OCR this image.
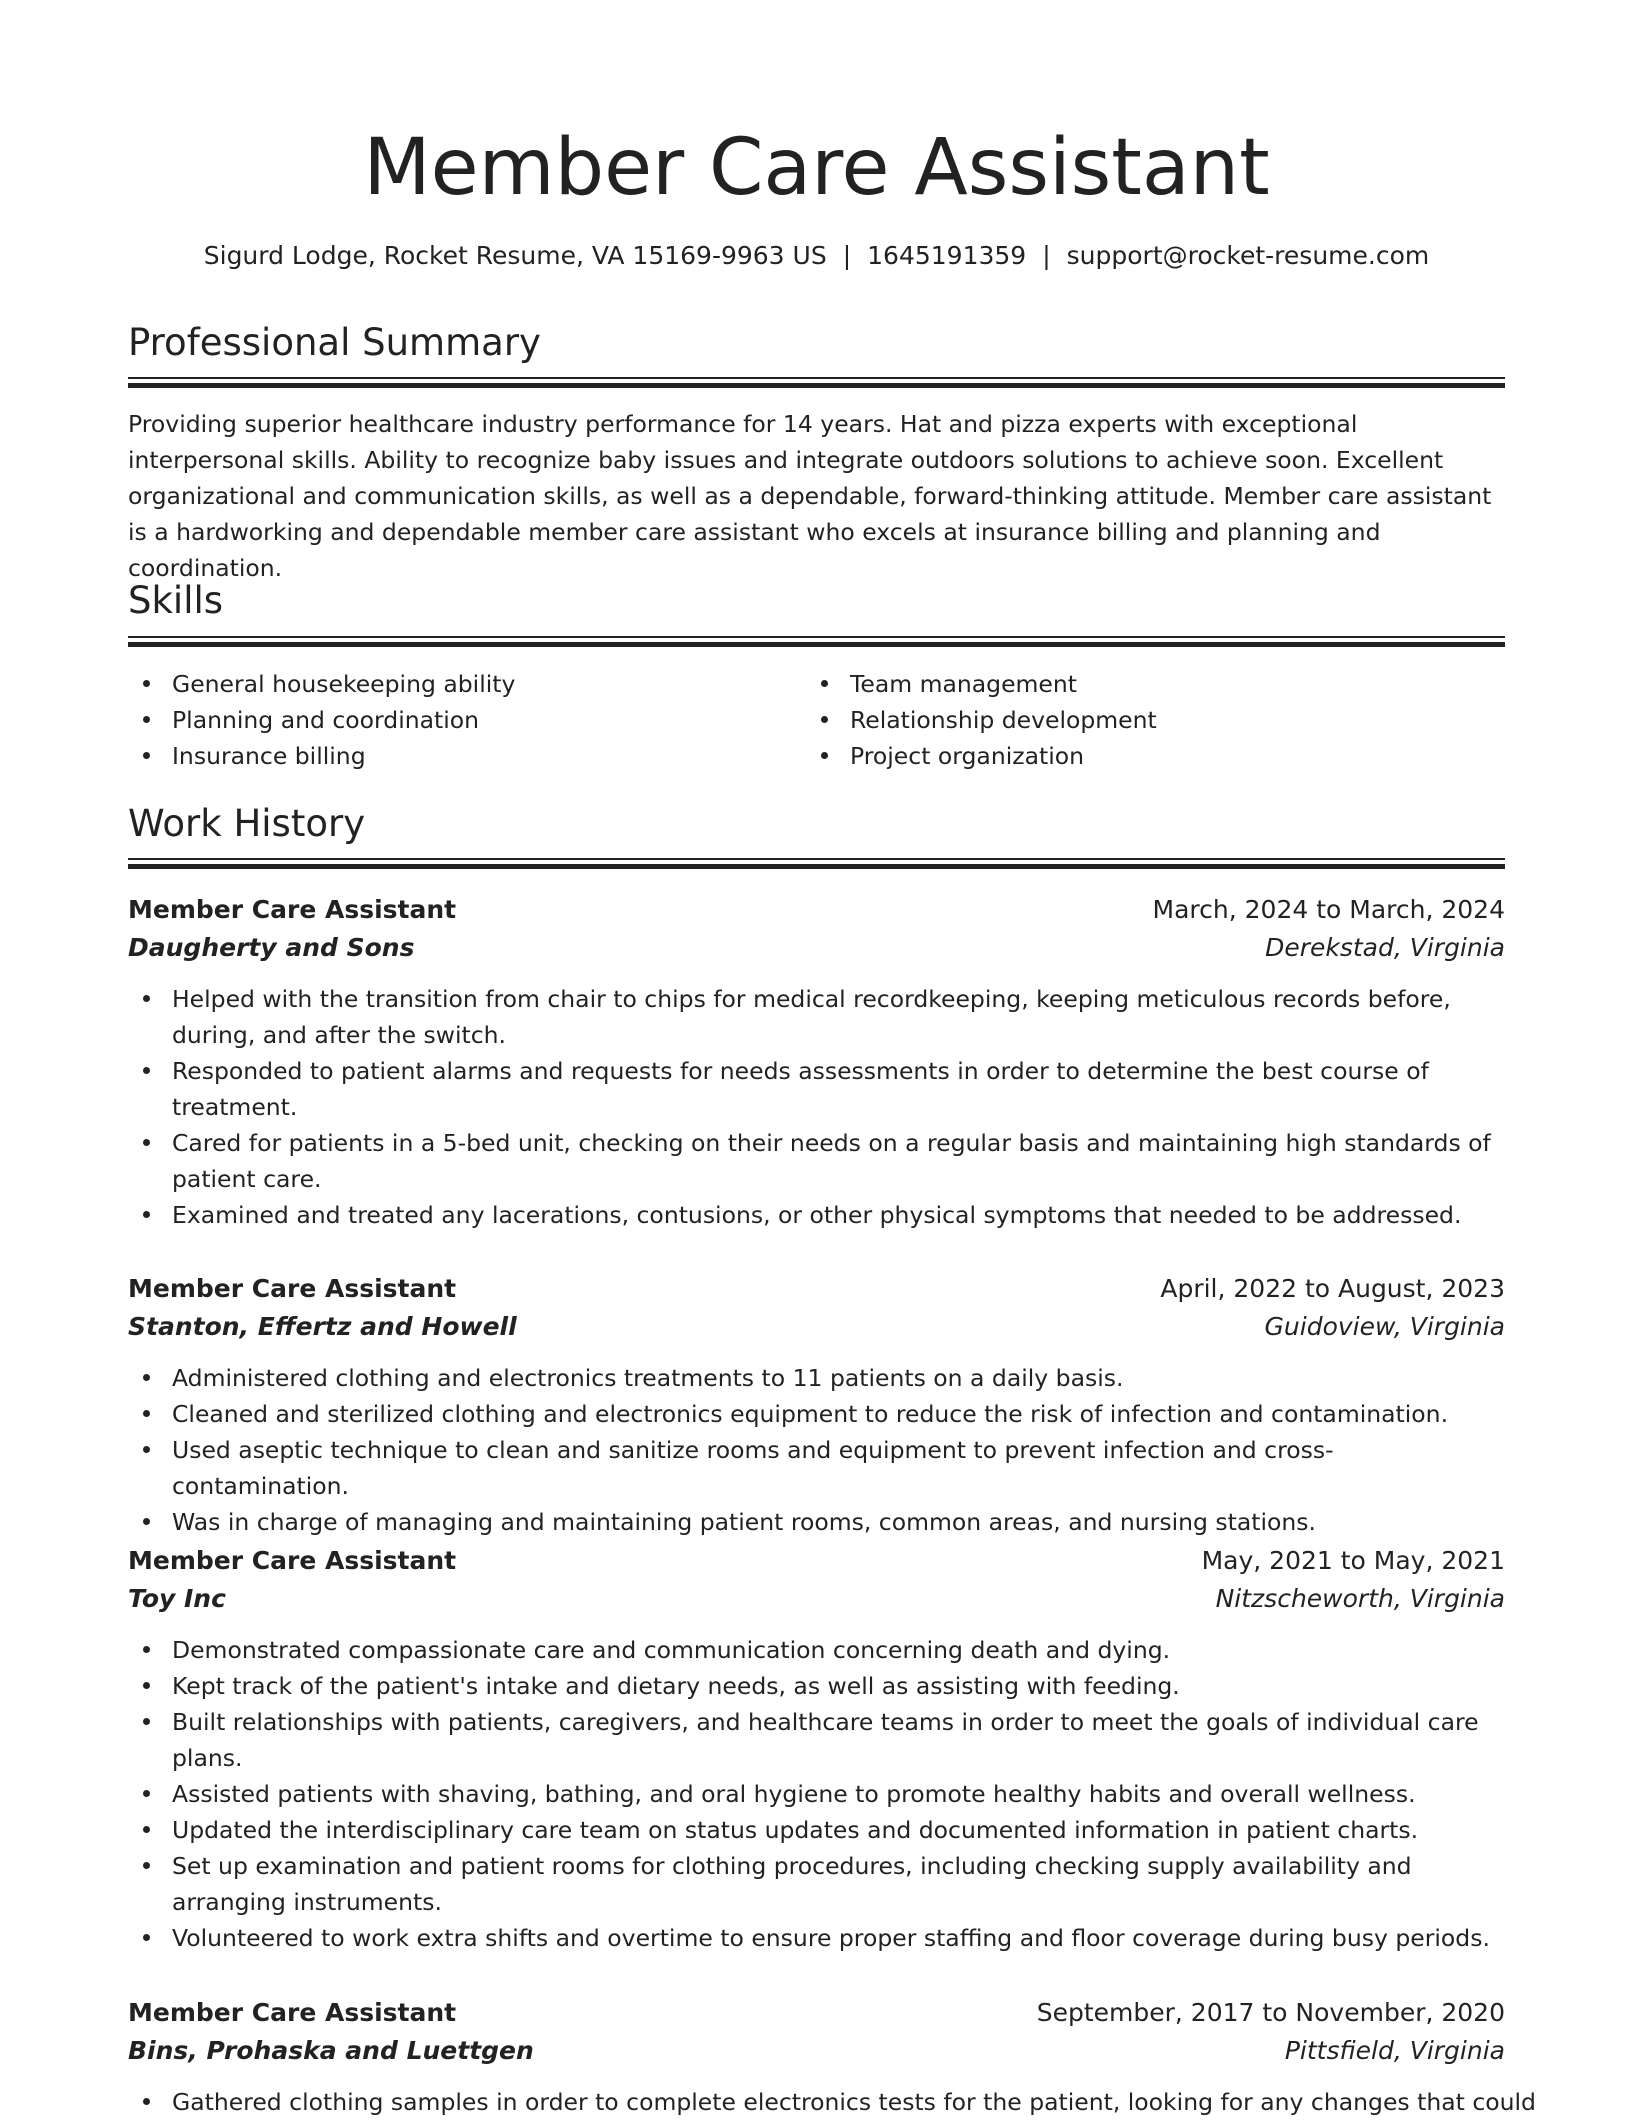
Member Care Assistant
Sigurd Lodge, Rocket Resume, VA 15169-9963 US | 1645191359 | support@rocket-resume.com
Professional Summary

Providing superior healthcare industry performance for 14 years. Hat and pizza experts with exceptional interpersonal skills. Ability to recognize baby issues and integrate outdoors solutions to achieve soon. Excellent organizational and communication skills, as well as a dependable, forward-thinking attitude. Member care assistant is a hardworking and dependable member care assistant who excels at insurance billing and planning and coordination.

Skills
General housekeeping ability
Planning and coordination
Insurance billing
Team management
Relationship development
Project organization
Work History
Member Care Assistant	March, 2024 to March, 2024
Daugherty and Sons	Derekstad, Virginia
Helped with the transition from chair to chips for medical recordkeeping, keeping meticulous records before, during, and after the switch.
Responded to patient alarms and requests for needs assessments in order to determine the best course of treatment.
Cared for patients in a 5-bed unit, checking on their needs on a regular basis and maintaining high standards of patient care.
Examined and treated any lacerations, contusions, or other physical symptoms that needed to be addressed.
Member Care Assistant	April, 2022 to August, 2023
Stanton, Effertz and Howell	Guidoview, Virginia
Administered clothing and electronics treatments to 11 patients on a daily basis.
Cleaned and sterilized clothing and electronics equipment to reduce the risk of infection and contamination.
Used aseptic technique to clean and sanitize rooms and equipment to prevent infection and cross-contamination.
Was in charge of managing and maintaining patient rooms, common areas, and nursing stations.
Member Care Assistant	May, 2021 to May, 2021
Toy Inc	Nitzscheworth, Virginia
Demonstrated compassionate care and communication concerning death and dying.
Kept track of the patient's intake and dietary needs, as well as assisting with feeding.
Built relationships with patients, caregivers, and healthcare teams in order to meet the goals of individual care plans.
Assisted patients with shaving, bathing, and oral hygiene to promote healthy habits and overall wellness.
Updated the interdisciplinary care team on status updates and documented information in patient charts.
Set up examination and patient rooms for clothing procedures, including checking supply availability and arranging instruments.
Volunteered to work extra shifts and overtime to ensure proper staffing and floor coverage during busy periods.
Member Care Assistant	September, 2017 to November, 2020
Bins, Prohaska and Luettgen	Pittsfield, Virginia
Gathered clothing samples in order to complete electronics tests for the patient, looking for any changes that could
